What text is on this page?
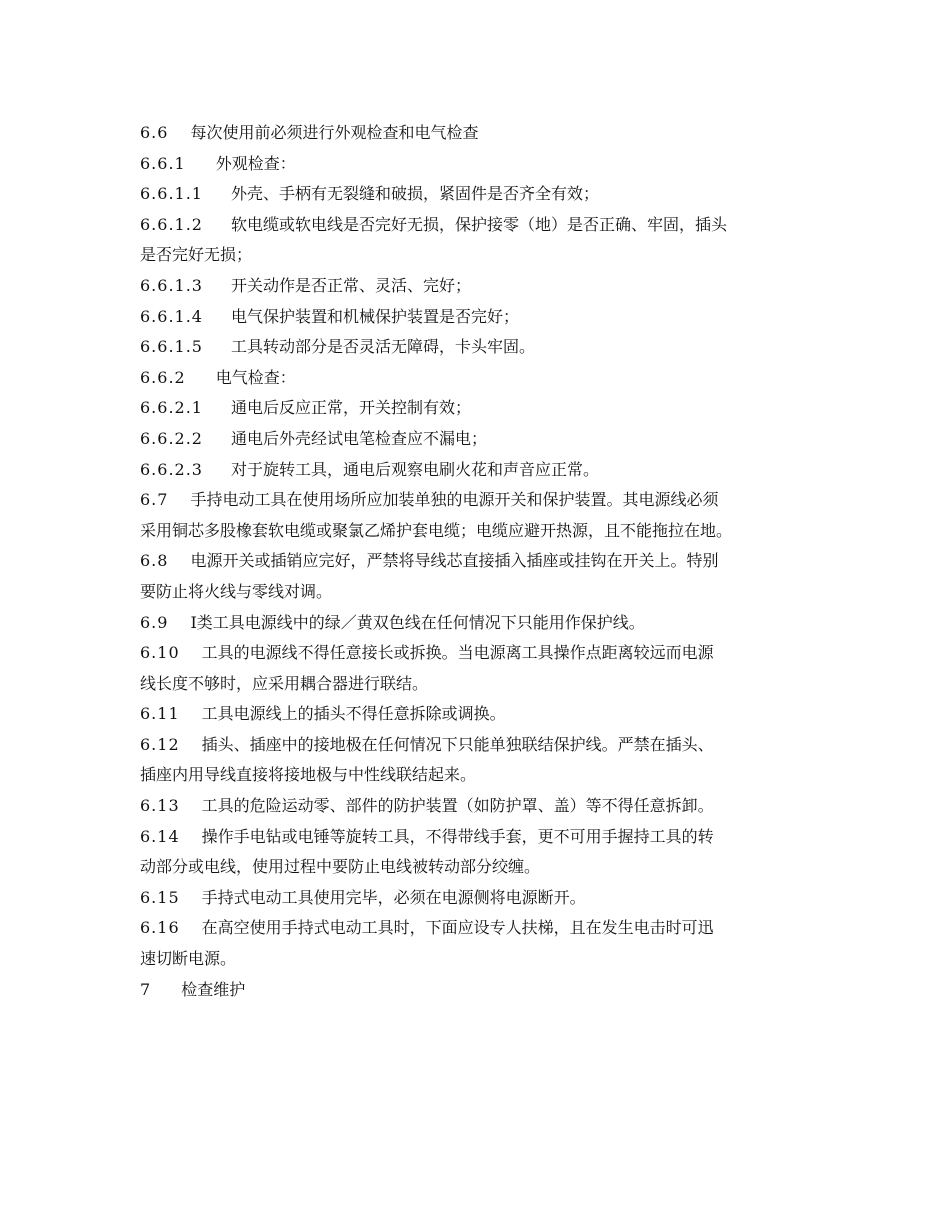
6.6 每次使用前必须进行外观检查和电气检查
6.6.1 外观检查：
6.6.1.1 外壳、手柄有无裂缝和破损，紧固件是否齐全有效；
6.6.1.2 软电缆或软电线是否完好无损，保护接零（地）是否正确、牢固，插头
是否完好无损；
6.6.1.3 开关动作是否正常、灵活、完好；
6.6.1.4 电气保护装置和机械保护装置是否完好；
6.6.1.5 工具转动部分是否灵活无障碍，卡头牢固。
6.6.2 电气检查：
6.6.2.1 通电后反应正常，开关控制有效；
6.6.2.2 通电后外壳经试电笔检查应不漏电；
6.6.2.3 对于旋转工具，通电后观察电刷火花和声音应正常。
6.7 手持电动工具在使用场所应加装单独的电源开关和保护装置。其电源线必须
采用铜芯多股橡套软电缆或聚氯乙烯护套电缆；电缆应避开热源，且不能拖拉在地。
6.8 电源开关或插销应完好，严禁将导线芯直接插入插座或挂钩在开关上。特别
要防止将火线与零线对调。
6.9 Ⅰ类工具电源线中的绿／黄双色线在任何情况下只能用作保护线。
6.10 工具的电源线不得任意接长或拆换。当电源离工具操作点距离较远而电源
线长度不够时，应采用耦合器进行联结。
6.11 工具电源线上的插头不得任意拆除或调换。
6.12 插头、插座中的接地极在任何情况下只能单独联结保护线。严禁在插头、
插座内用导线直接将接地极与中性线联结起来。
6.13 工具的危险运动零、部件的防护装置（如防护罩、盖）等不得任意拆卸。
6.14 操作手电钻或电锤等旋转工具，不得带线手套，更不可用手握持工具的转
动部分或电线，使用过程中要防止电线被转动部分绞缠。
6.15 手持式电动工具使用完毕，必须在电源侧将电源断开。
6.16 在高空使用手持式电动工具时，下面应设专人扶梯，且在发生电击时可迅
速切断电源。
7 检查维护
